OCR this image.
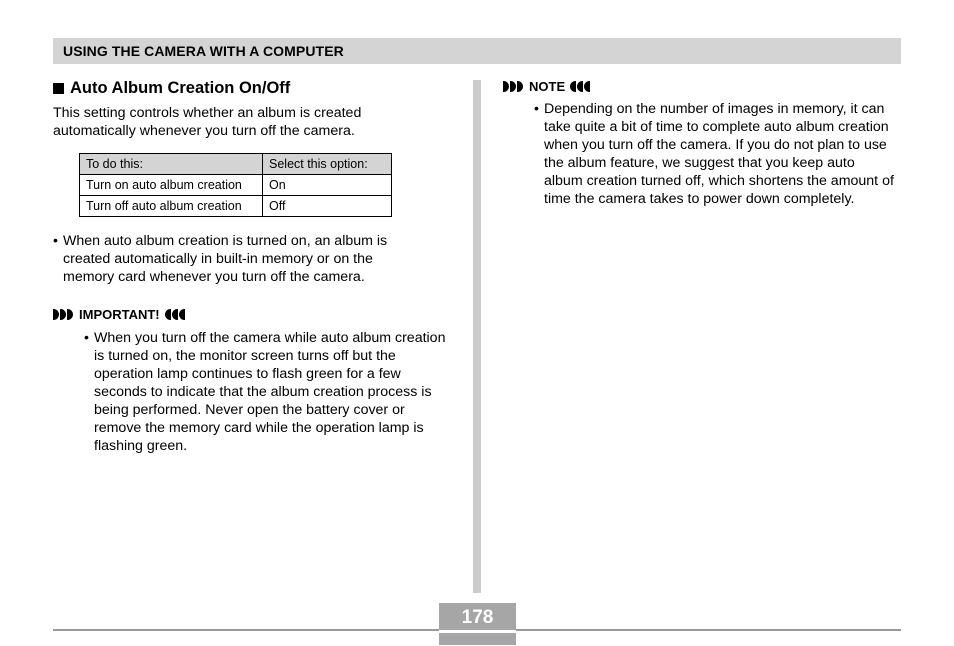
USING THE CAMERA WITH A COMPUTER
Auto Album Creation On/Off

This setting controls whether an album is created automatically whenever you turn off the camera.

To do this:	Select this option:
Turn on auto album creation	On
Turn off auto album creation	Off
• When auto album creation is turned on, an album is created automatically in built-in memory or on the memory card whenever you turn off the camera.
IMPORTANT!
• When you turn off the camera while auto album creation is turned on, the monitor screen turns off but the operation lamp continues to flash green for a few seconds to indicate that the album creation process is being performed. Never open the battery cover or remove the memory card while the operation lamp is flashing green.
NOTE
• Depending on the number of images in memory, it can take quite a bit of time to complete auto album creation when you turn off the camera. If you do not plan to use the album feature, we suggest that you keep auto album creation turned off, which shortens the amount of time the camera takes to power down completely.
178
